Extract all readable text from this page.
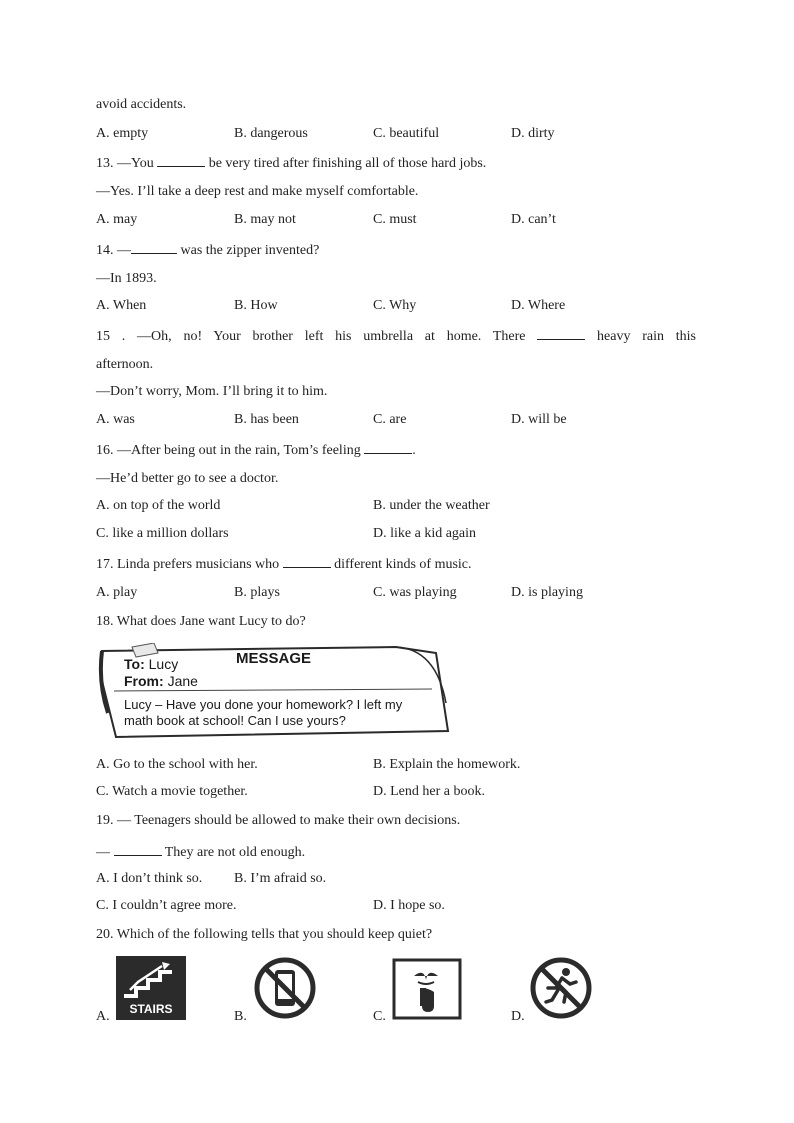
avoid accidents.
A. empty	B. dangerous	C. beautiful	D. dirty
13. —You	be very tired after finishing all of those hard jobs.
—Yes. I’ll take a deep rest and make myself comfortable.
A. may	B. may not	C. must	D. can’t
14. —	was the zipper invented?
—In 1893.
A. When	B. How	C. Why	D. Where
15 . —Oh, no! Your brother left his umbrella at home. There	heavy rain this
afternoon.
—Don’t worry, Mom. I’ll bring it to him.
A. was	B. has been	C. are	D. will be
16. —After being out in the rain, Tom’s feeling	.
—He’d better go to see a doctor.
A. on top of the world	B. under the weather
C. like a million dollars	D. like a kid again
17. Linda prefers musicians who	different kinds of music.
A. play	B. plays	C. was playing	D. is playing
18. What does Jane want Lucy to do?
To: Lucy
From: Jane
MESSAGE
Lucy – Have you done your homework? I left my
math book at school! Can I use yours?
A. Go to the school with her.	B. Explain the homework.
C. Watch a movie together.	D. Lend her a book.
19. — Teenagers should be allowed to make their own decisions.
—	They are not old enough.
A. I don’t think so. B. I’m afraid so.
C. I couldn’t agree more.	D. I hope so.
20. Which of the following tells that you should keep quiet?
A.	B.	C.	D.
STAIRS
